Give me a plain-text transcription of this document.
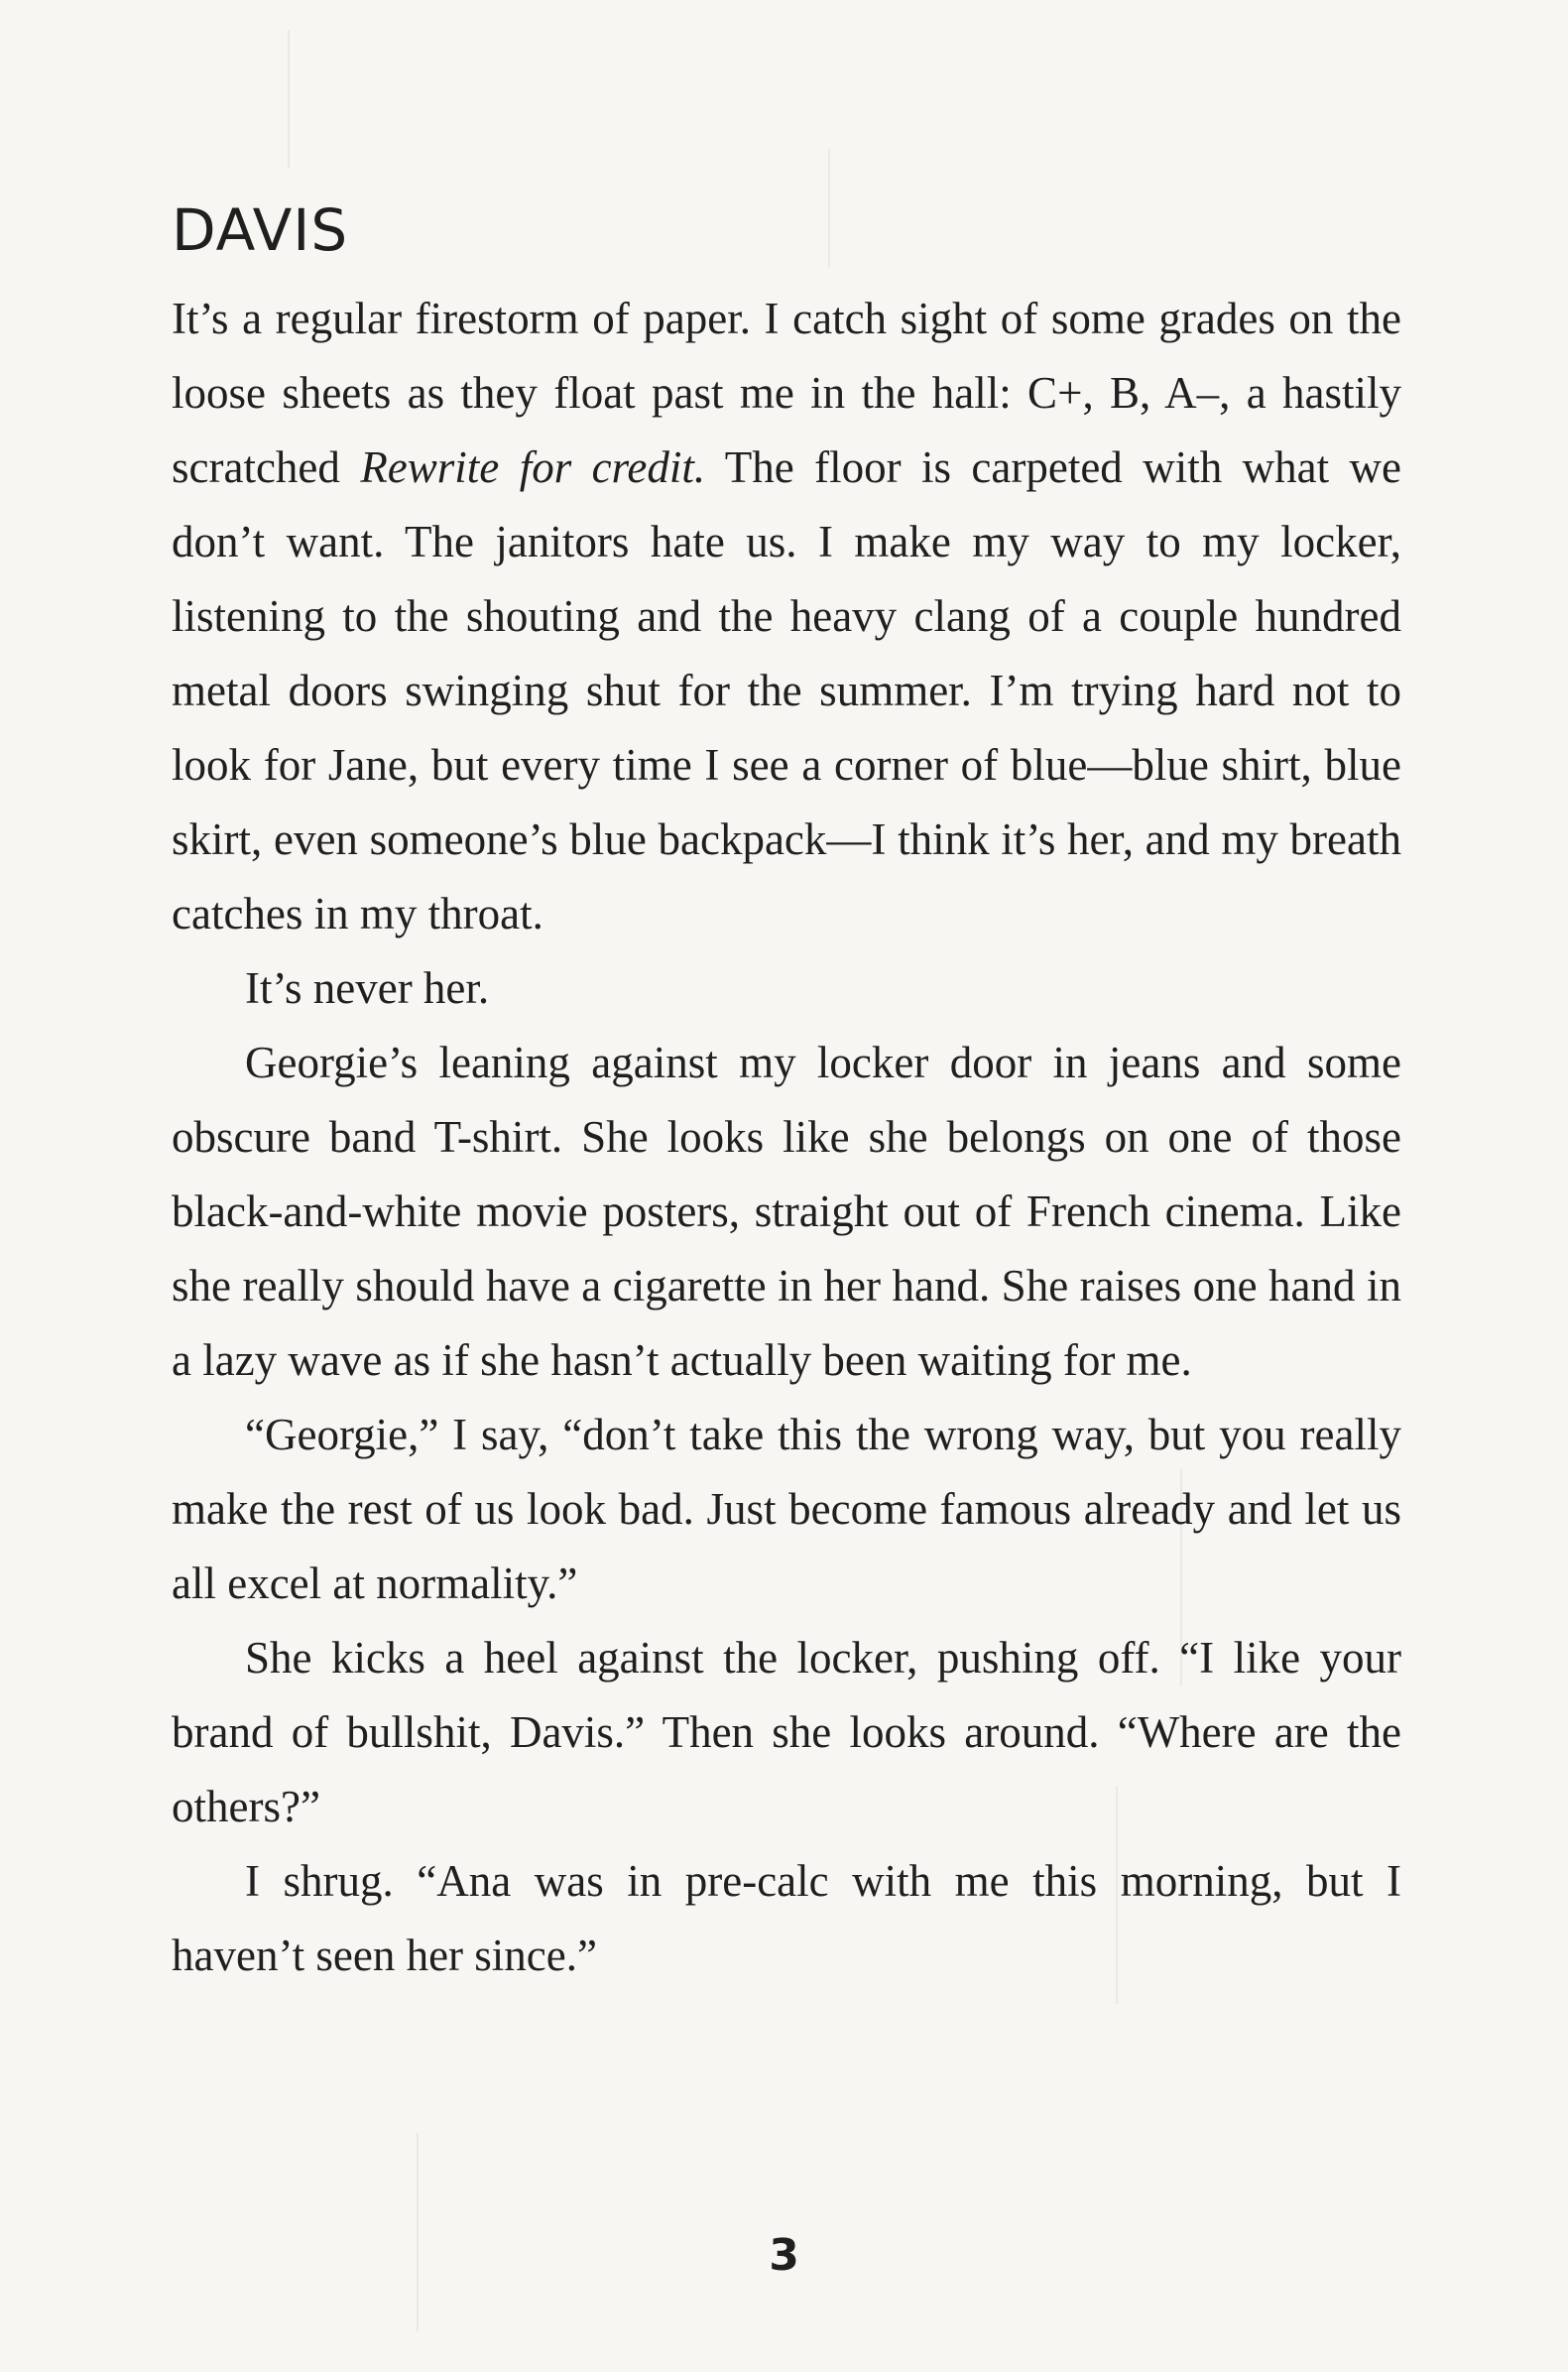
DAVIS

It’s a regular firestorm of paper. I catch sight of some grades on the loose sheets as they float past me in the hall: C+, B, A–, a hastily scratched Rewrite for credit. The floor is carpeted with what we don’t want. The janitors hate us. I make my way to my locker, listening to the shouting and the heavy clang of a couple hundred metal doors swinging shut for the summer. I’m trying hard not to look for Jane, but every time I see a corner of blue—blue shirt, blue skirt, even someone’s blue backpack—I think it’s her, and my breath catches in my throat.

It’s never her.

Georgie’s leaning against my locker door in jeans and some obscure band T-shirt. She looks like she belongs on one of those black-and-white movie posters, straight out of French cinema. Like she really should have a cigarette in her hand. She raises one hand in a lazy wave as if she hasn’t actually been waiting for me.

“Georgie,” I say, “don’t take this the wrong way, but you really make the rest of us look bad. Just become famous already and let us all excel at normality.”

She kicks a heel against the locker, pushing off. “I like your brand of bullshit, Davis.” Then she looks around. “Where are the others?”

I shrug. “Ana was in pre-calc with me this morning, but I haven’t seen her since.”

3
